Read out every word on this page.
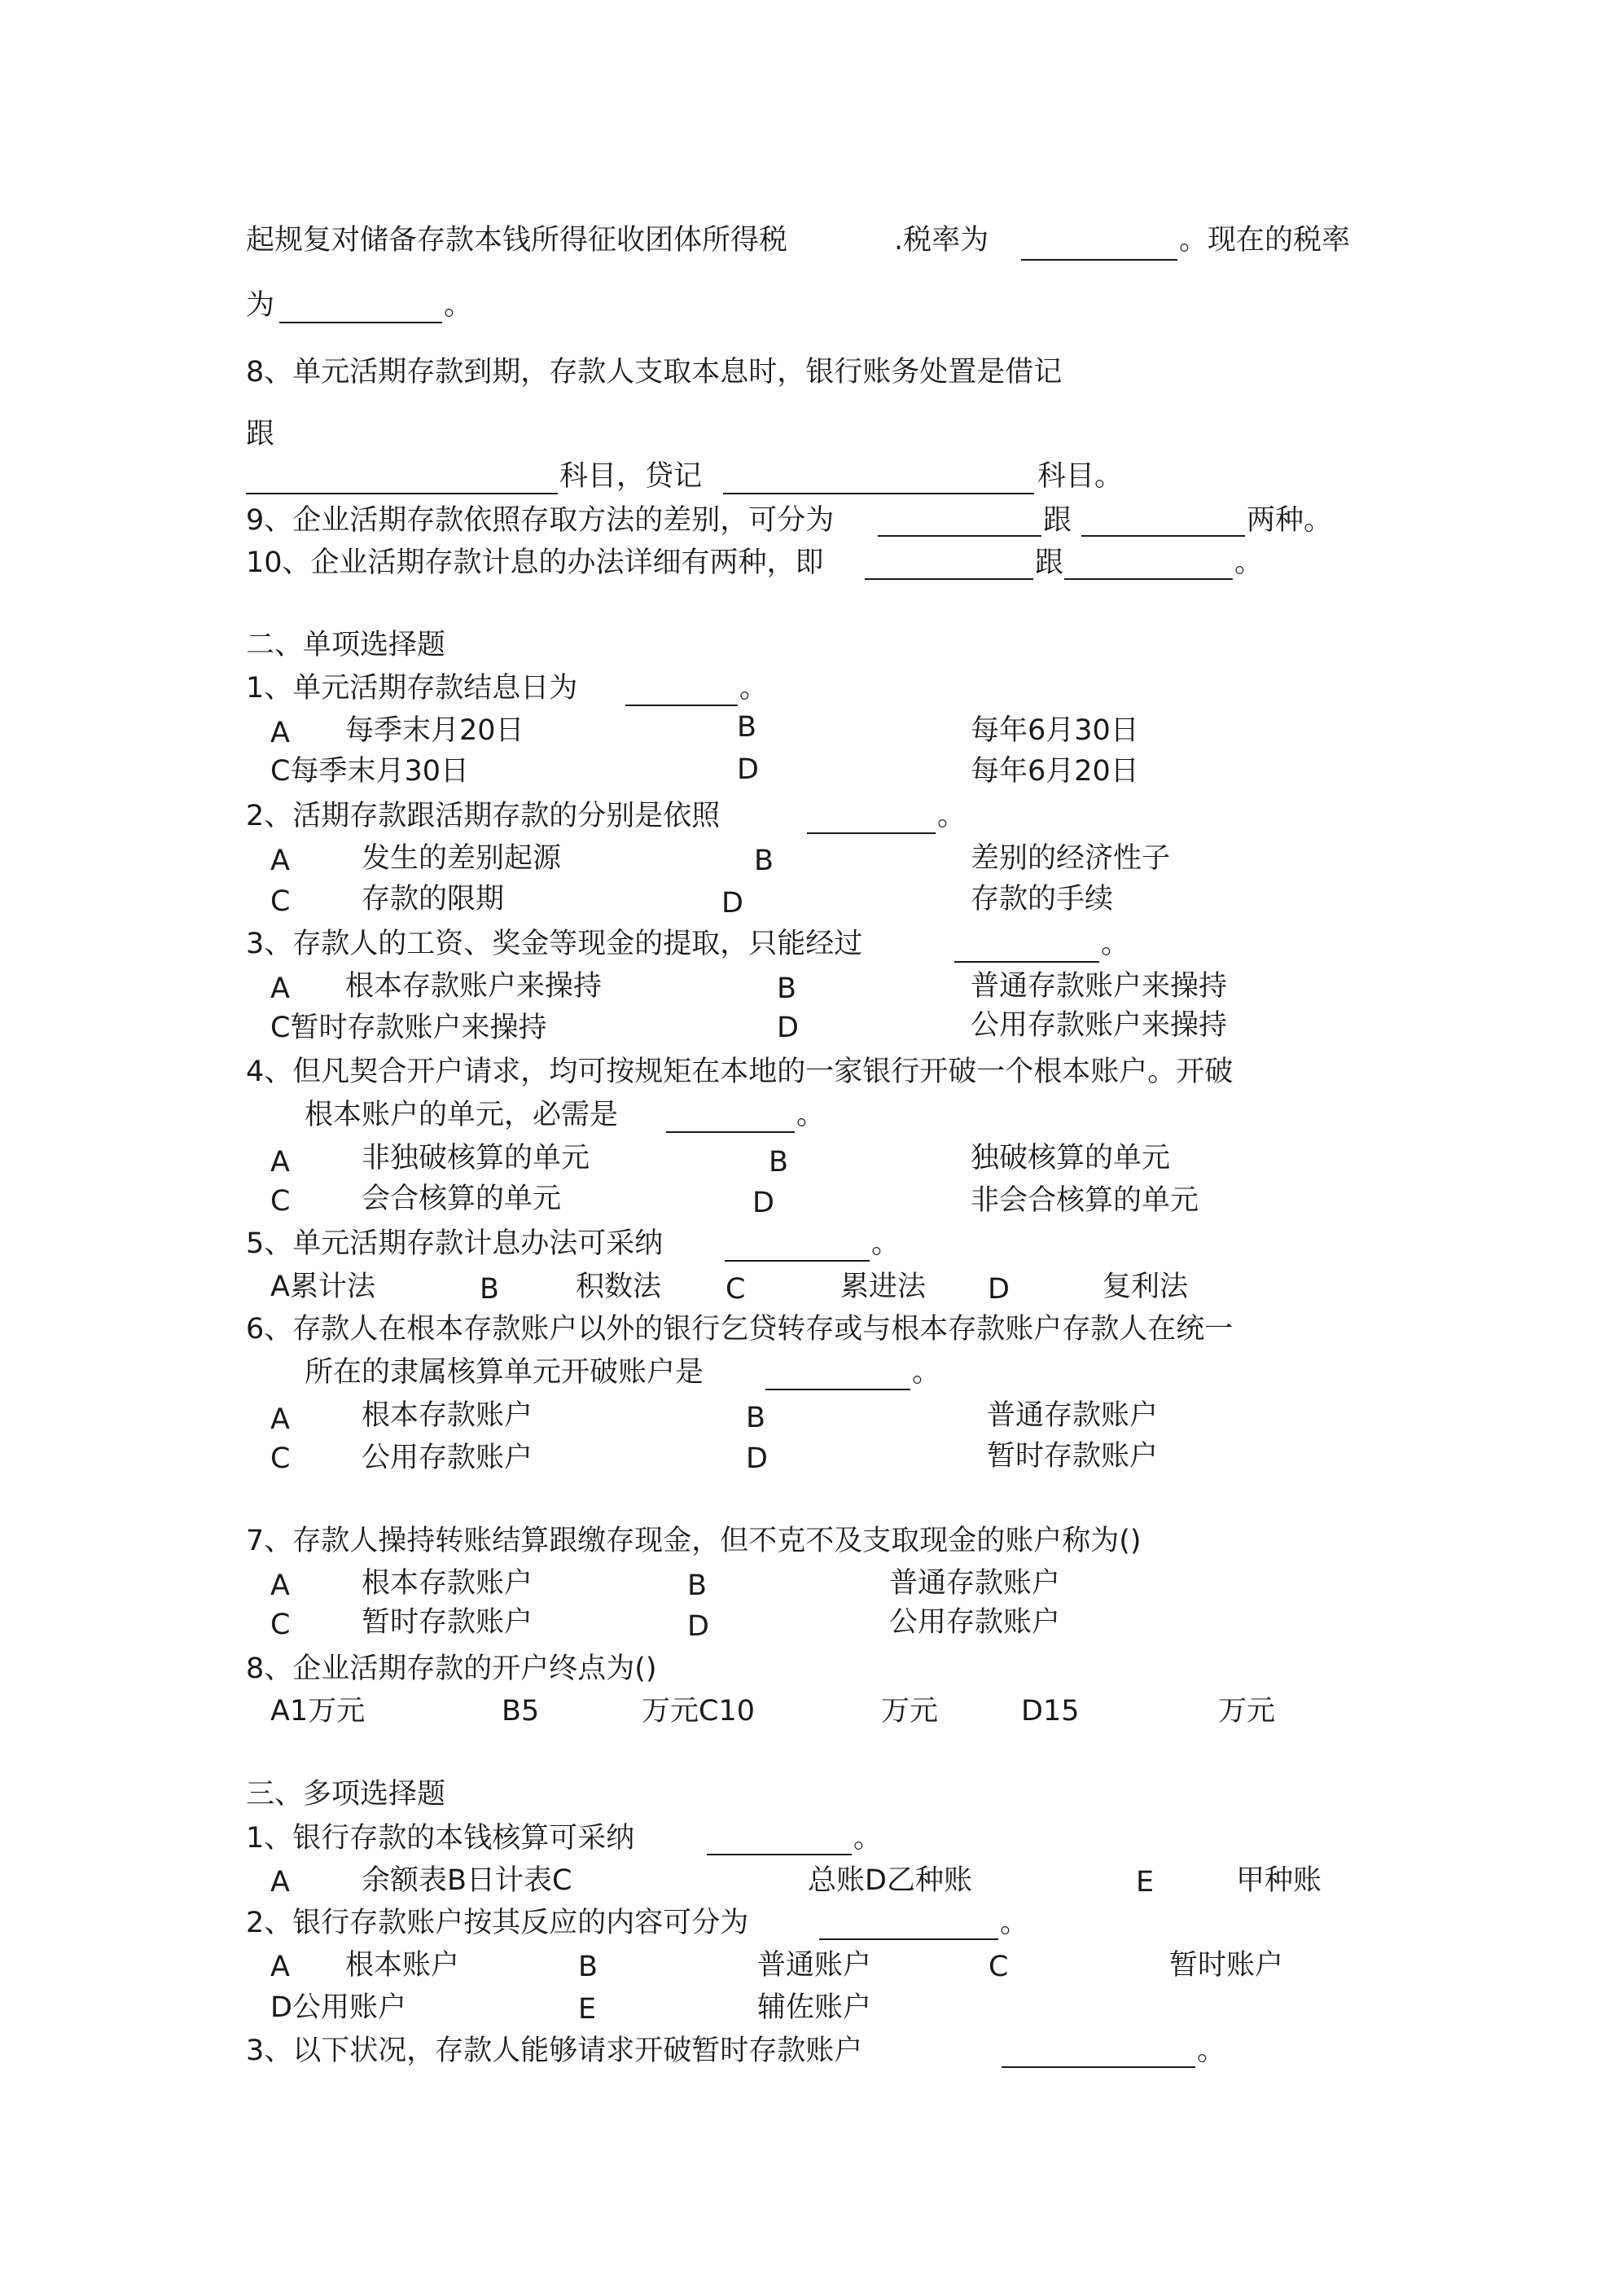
起规复对储备存款本钱所得征收团体所得税	.税率为	。现在的税率
为	。
8、单元活期存款到期，存款人支取本息时，银行账务处置是借记
跟
科目，贷记	科目。
9、企业活期存款依照存取方法的差别，可分为	跟	两种。
10、企业活期存款计息的办法详细有两种，即	跟	。
二、单项选择题
1、单元活期存款结息日为	。
A 每季末月20日	B	每年6月30日
C每季末月30日	D	每年6月20日
2、活期存款跟活期存款的分别是依照	。
A	发生的差别起源	B	差别的经济性子
C	存款的限期	D	存款的手续
3、存款人的工资、奖金等现金的提取，只能经过	。
A 根本存款账户来操持	B	普通存款账户来操持
C暂时存款账户来操持	D	公用存款账户来操持
4、但凡契合开户请求，均可按规矩在本地的一家银行开破一个根本账户。开破
根本账户的单元，必需是	。
A	非独破核算的单元	B	独破核算的单元
C	会合核算的单元	D	非会合核算的单元
5、单元活期存款计息办法可采纳	。
A累计法	B	积数法 C	累进法 D	复利法
6、存款人在根本存款账户以外的银行乞贷转存或与根本存款账户存款人在统一
所在的隶属核算单元开破账户是	。
A	根本存款账户	B	普通存款账户
C	公用存款账户	D	暂时存款账户
7、存款人操持转账结算跟缴存现金，但不克不及支取现金的账户称为()
A	根本存款账户	B	普通存款账户
C	暂时存款账户	D	公用存款账户
8、企业活期存款的开户终点为()
A1万元	B5	万元C10	万元	D15	万元
三、多项选择题
1、银行存款的本钱核算可采纳	。
A	余额表B日计表C	总账D乙种账	E	甲种账
2、银行存款账户按其反应的内容可分为	。
A 根本账户	B	普通账户	C	暂时账户
D公用账户	E	辅佐账户
3、以下状况，存款人能够请求开破暂时存款账户	。
